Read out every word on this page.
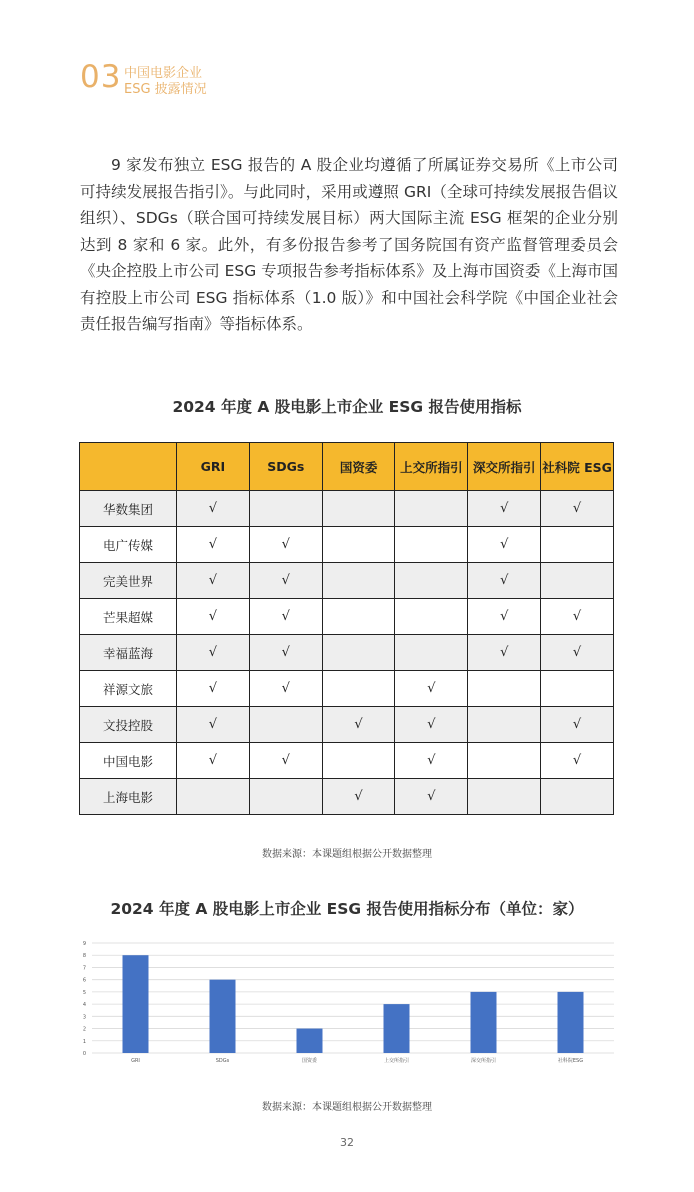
03 中国电影企业
ESG 披露情况

9 家发布独立 ESG 报告的 A 股企业均遵循了所属证券交易所《上市公司可持续发展报告指引》。与此同时，采用或遵照 GRI（全球可持续发展报告倡议组织）、SDGs（联合国可持续发展目标）两大国际主流 ESG 框架的企业分别达到 8 家和 6 家。此外，有多份报告参考了国务院国有资产监督管理委员会《央企控股上市公司 ESG 专项报告参考指标体系》及上海市国资委《上海市国有控股上市公司 ESG 指标体系（1.0 版）》和中国社会科学院《中国企业社会责任报告编写指南》等指标体系。

2024 年度 A 股电影上市企业 ESG 报告使用指标
	GRI	SDGs	国资委	上交所指引	深交所指引	社科院 ESG
华数集团	√				√	√
电广传媒	√	√			√	
完美世界	√	√			√	
芒果超媒	√	√			√	√
幸福蓝海	√	√			√	√
祥源文旅	√	√		√		
文投控股	√		√	√		√
中国电影	√	√		√		√
上海电影			√	√		
数据来源：本课题组根据公开数据整理
2024 年度 A 股电影上市企业 ESG 报告使用指标分布（单位：家）
0
1
2
3
4
5
6
7
8
9
GRI	SDGs	国资委	上交所指引	深交所指引	社科院ESG
数据来源：本课题组根据公开数据整理
32
